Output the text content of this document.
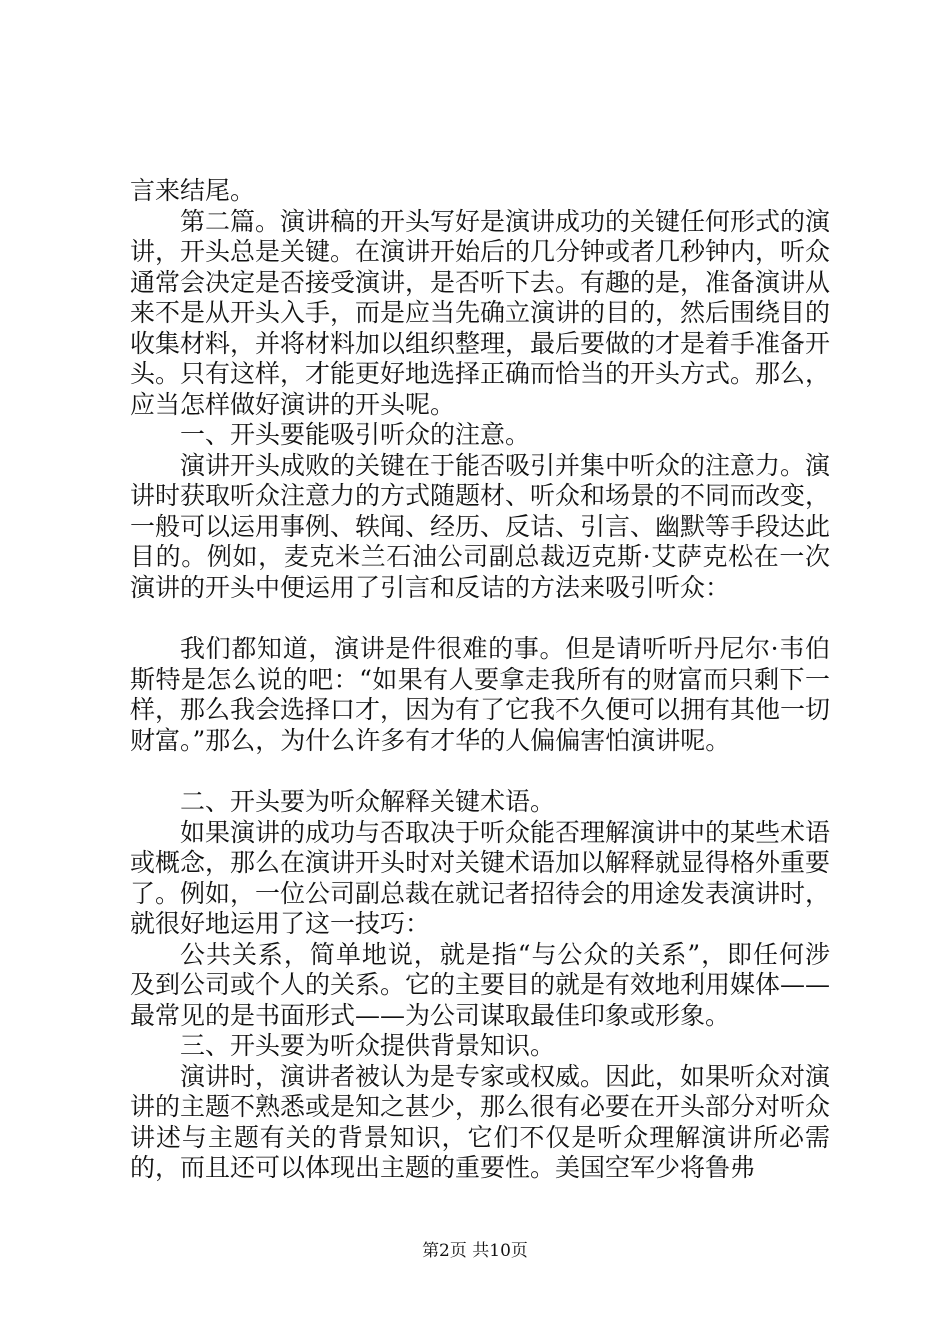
言来结尾。

第二篇。演讲稿的开头写好是演讲成功的关键任何形式的演讲，开头总是关键。在演讲开始后的几分钟或者几秒钟内，听众通常会决定是否接受演讲，是否听下去。有趣的是，准备演讲从来不是从开头入手，而是应当先确立演讲的目的，然后围绕目的收集材料，并将材料加以组织整理，最后要做的才是着手准备开头。只有这样，才能更好地选择正确而恰当的开头方式。那么，应当怎样做好演讲的开头呢。

一、开头要能吸引听众的注意。

演讲开头成败的关键在于能否吸引并集中听众的注意力。演讲时获取听众注意力的方式随题材、听众和场景的不同而改变，一般可以运用事例、轶闻、经历、反诘、引言、幽默等手段达此目的。例如，麦克米兰石油公司副总裁迈克斯·艾萨克松在一次演讲的开头中便运用了引言和反诘的方法来吸引听众：

我们都知道，演讲是件很难的事。但是请听听丹尼尔·韦伯斯特是怎么说的吧：“如果有人要拿走我所有的财富而只剩下一样，那么我会选择口才，因为有了它我不久便可以拥有其他一切财富。”那么，为什么许多有才华的人偏偏害怕演讲呢。

二、开头要为听众解释关键术语。

如果演讲的成功与否取决于听众能否理解演讲中的某些术语或概念，那么在演讲开头时对关键术语加以解释就显得格外重要了。例如，一位公司副总裁在就记者招待会的用途发表演讲时，就很好地运用了这一技巧：

公共关系，简单地说，就是指“与公众的关系”，即任何涉及到公司或个人的关系。它的主要目的就是有效地利用媒体——最常见的是书面形式——为公司谋取最佳印象或形象。

三、开头要为听众提供背景知识。

演讲时，演讲者被认为是专家或权威。因此，如果听众对演讲的主题不熟悉或是知之甚少，那么很有必要在开头部分对听众讲述与主题有关的背景知识，它们不仅是听众理解演讲所必需的，而且还可以体现出主题的重要性。美国空军少将鲁弗

第2页 共10页
